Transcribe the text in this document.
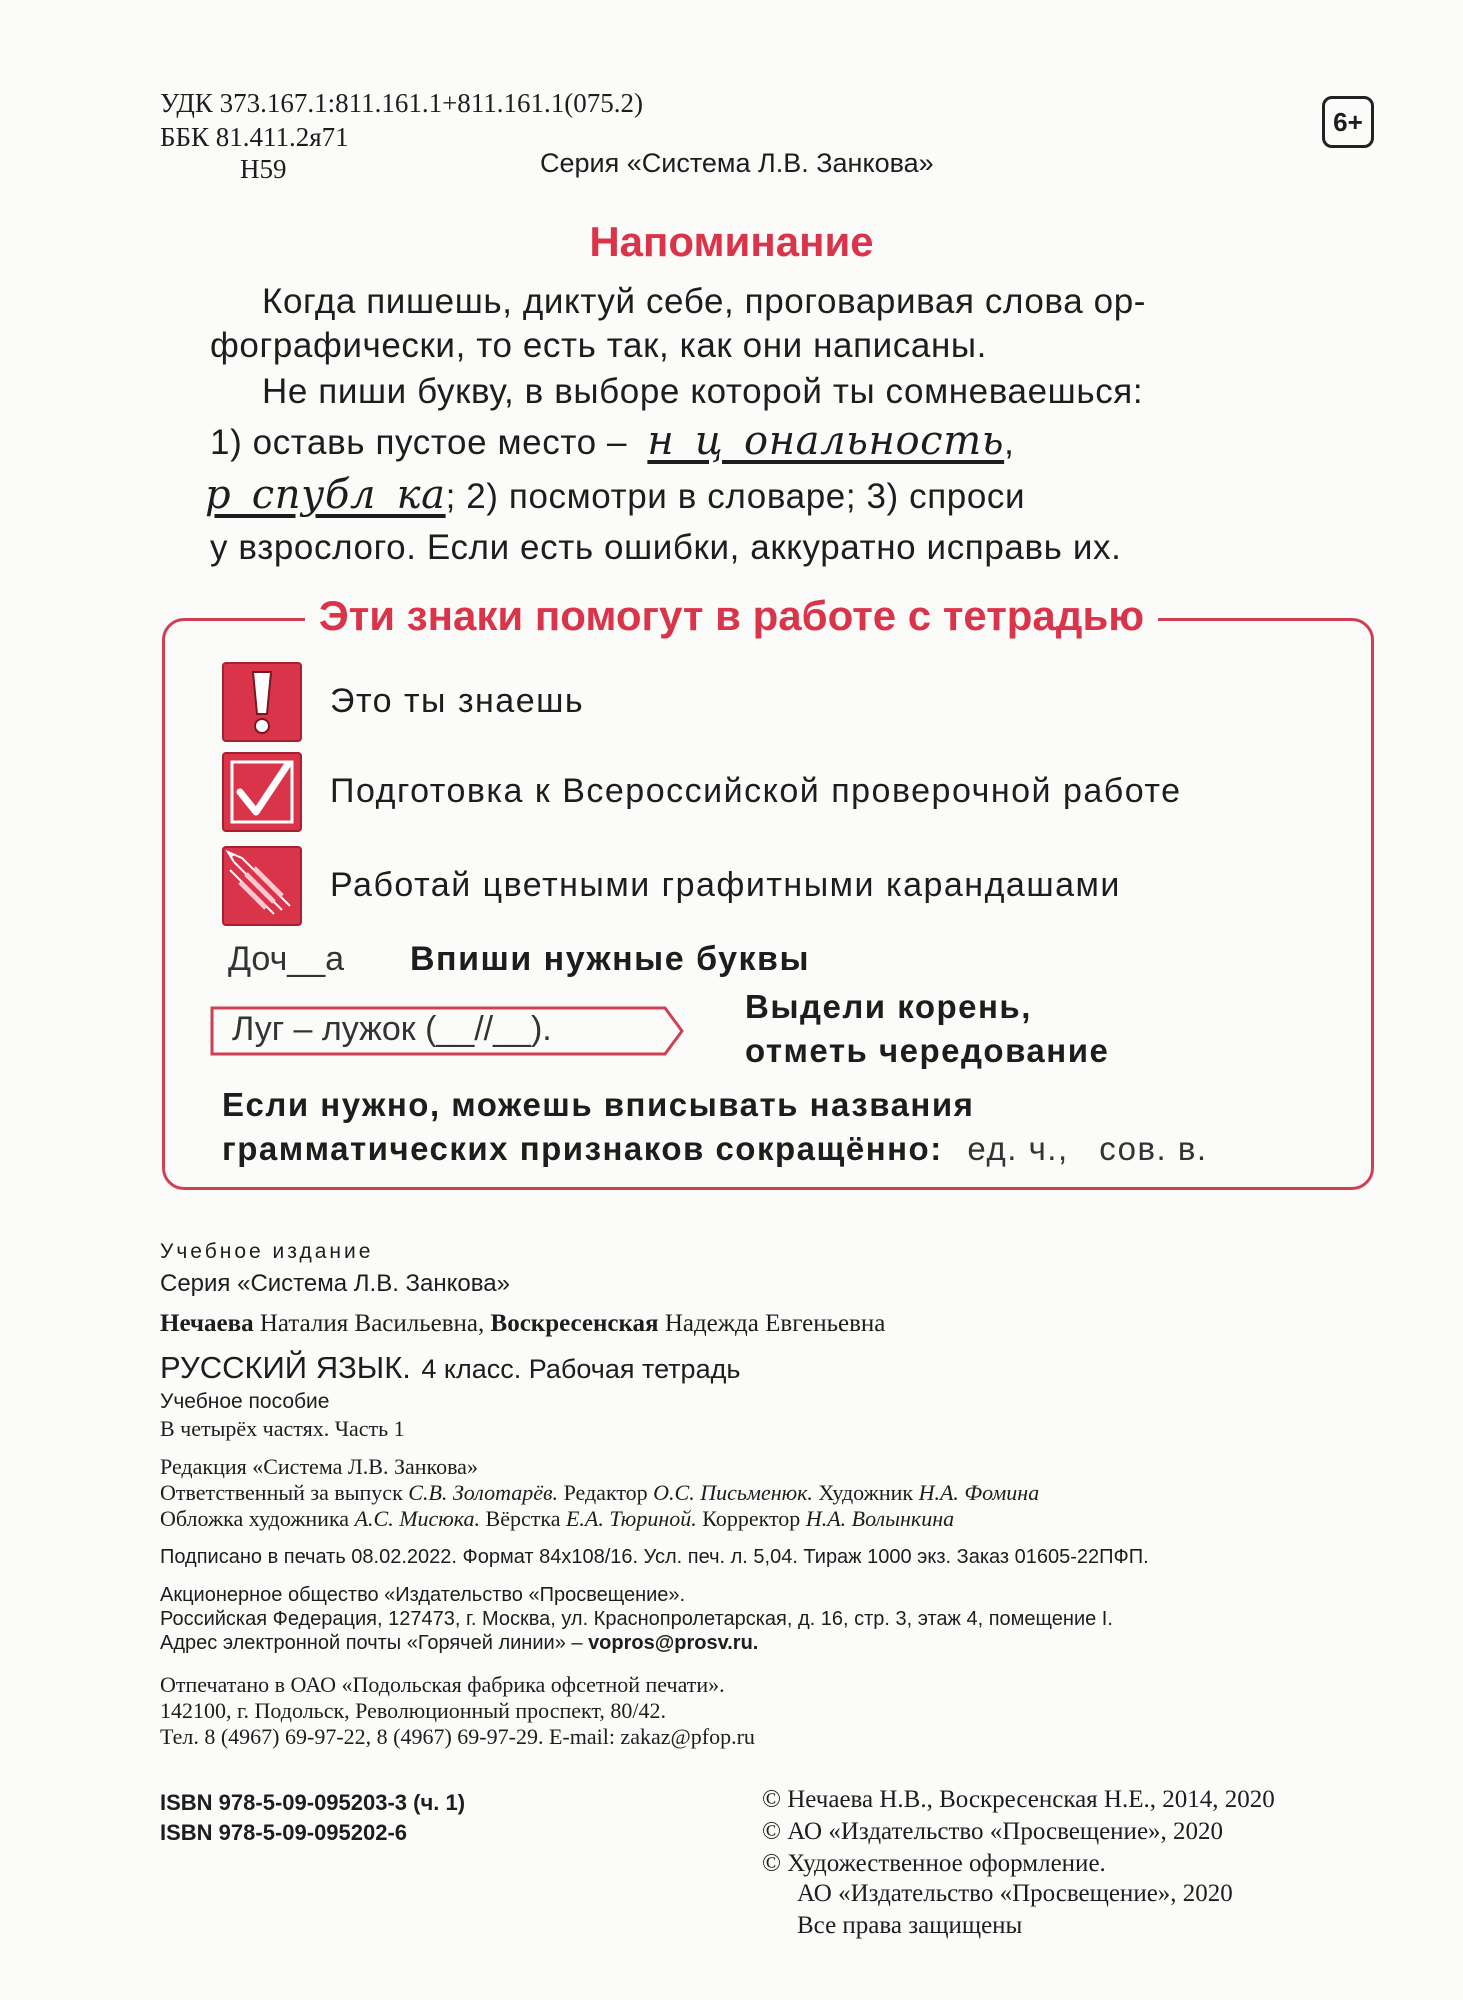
УДК 373.167.1:811.161.1+811.161.1(075.2)
ББК 81.411.2я71
Н59	Серия «Система Л.В. Занкова»
6+
Напоминание
Когда пишешь, диктуй себе, проговаривая слова ор-
фографически, то есть так, как они написаны.
Не пиши букву, в выборе которой ты сомневаешься:
1) оставь пустое место – н_ц_ональность,
р_спубл_ка; 2) посмотри в словаре; 3) спроси
у взрослого. Если есть ошибки, аккуратно исправь их.
Эти знаки помогут в работе с тетрадью
Это ты знаешь
Подготовка к Всероссийской проверочной работе
Работай цветными графитными карандашами
Доч__а Впиши нужные буквы
Луг – лужок (__//__).
Выдели корень,
отметь чередование
Если нужно, можешь вписывать названия
грамматических признаков сокращённо: ед. ч., сов. в.
Учебное издание
Серия «Система Л.В. Занкова»
Нечаева Наталия Васильевна, Воскресенская Надежда Евгеньевна
РУССКИЙ ЯЗЫК. 4 класс. Рабочая тетрадь
Учебное пособие
В четырёх частях. Часть 1
Редакция «Система Л.В. Занкова»
Ответственный за выпуск С.В. Золотарёв. Редактор О.С. Письменюк. Художник Н.А. Фомина
Обложка художника А.С. Мисюка. Вёрстка Е.А. Тюриной. Корректор Н.А. Волынкина
Подписано в печать 08.02.2022. Формат 84x108/16. Усл. печ. л. 5,04. Тираж 1000 экз. Заказ 01605-22ПФП.
Акционерное общество «Издательство «Просвещение».
Российская Федерация, 127473, г. Москва, ул. Краснопролетарская, д. 16, стр. 3, этаж 4, помещение I.
Адрес электронной почты «Горячей линии» – vopros@prosv.ru.
Отпечатано в ОАО «Подольская фабрика офсетной печати».
142100, г. Подольск, Революционный проспект, 80/42.
Тел. 8 (4967) 69-97-22, 8 (4967) 69-97-29. E-mail: zakaz@pfop.ru
ISBN 978-5-09-095203-3 (ч. 1)
ISBN 978-5-09-095202-6
© Нечаева Н.В., Воскресенская Н.Е., 2014, 2020
© АО «Издательство «Просвещение», 2020
© Художественное оформление.
АО «Издательство «Просвещение», 2020
Все права защищены
